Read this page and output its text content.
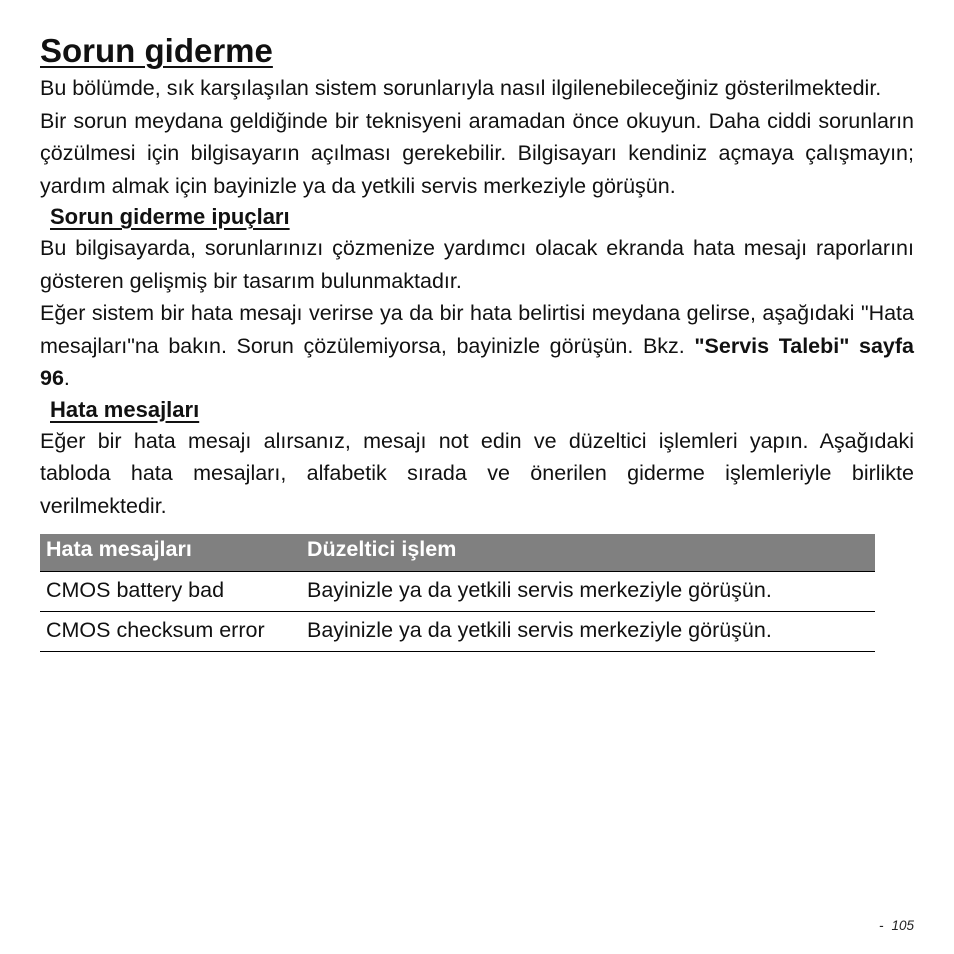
Sorun giderme

Bu bölümde, sık karşılaşılan sistem sorunlarıyla nasıl ilgilenebileceğiniz gösterilmektedir.

Bir sorun meydana geldiğinde bir teknisyeni aramadan önce okuyun. Daha ciddi sorunların çözülmesi için bilgisayarın açılması gerekebilir. Bilgisayarı kendiniz açmaya çalışmayın; yardım almak için bayinizle ya da yetkili servis merkeziyle görüşün.

Sorun giderme ipuçları

Bu bilgisayarda, sorunlarınızı çözmenize yardımcı olacak ekranda hata mesajı raporlarını gösteren gelişmiş bir tasarım bulunmaktadır.

Eğer sistem bir hata mesajı verirse ya da bir hata belirtisi meydana gelirse, aşağıdaki "Hata mesajları"na bakın. Sorun çözülemiyorsa, bayinizle görüşün. Bkz. "Servis Talebi" sayfa 96.

Hata mesajları

Eğer bir hata mesajı alırsanız, mesajı not edin ve düzeltici işlemleri yapın. Aşağıdaki tabloda hata mesajları, alfabetik sırada ve önerilen giderme işlemleriyle birlikte verilmektedir.

Hata mesajları	Düzeltici işlem
CMOS battery bad	Bayinizle ya da yetkili servis merkeziyle görüşün.
CMOS checksum error	Bayinizle ya da yetkili servis merkeziyle görüşün.
- 105
